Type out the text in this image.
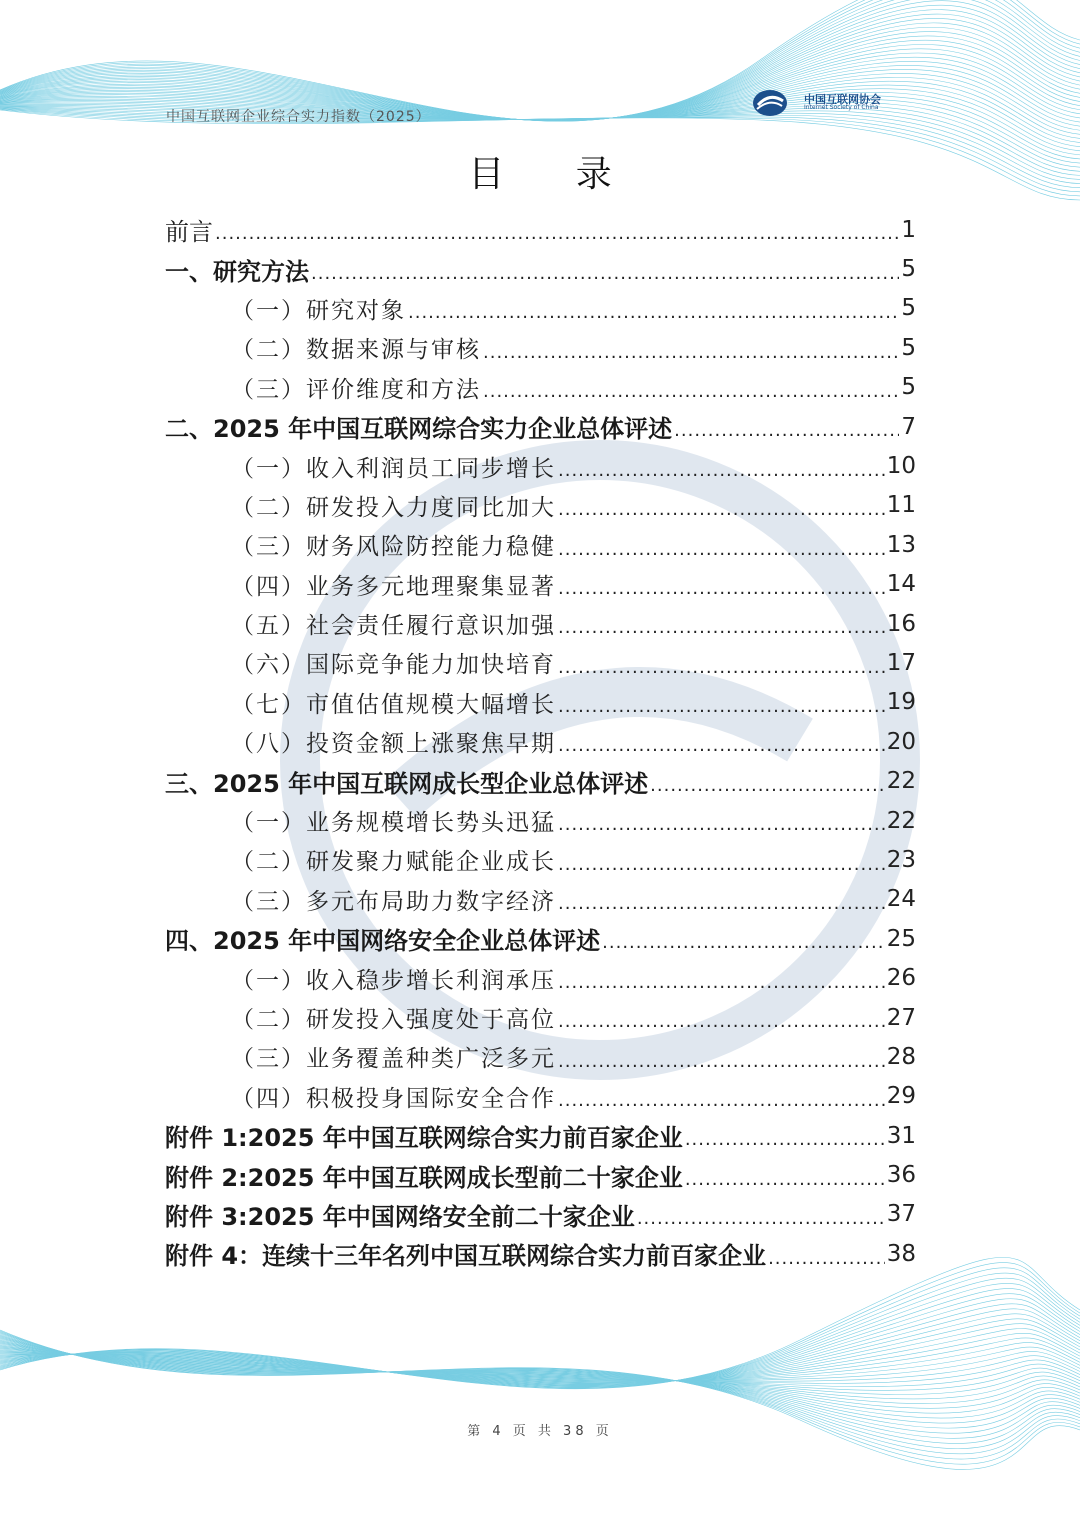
中国互联网企业综合实力指数（2025）
中国互联网协会
Internet Society of China
目 录
前言 .....	1
一、研究方法 .....	5
（一）研究对象 .....	5
（二）数据来源与审核 .....	5
（三）评价维度和方法 .....	5
二、2025 年中国互联网综合实力企业总体评述 .....	7
（一）收入利润员工同步增长 .....	10
（二）研发投入力度同比加大 .....	11
（三）财务风险防控能力稳健 .....	13
（四）业务多元地理聚集显著 .....	14
（五）社会责任履行意识加强 .....	16
（六）国际竞争能力加快培育 .....	17
（七）市值估值规模大幅增长 .....	19
（八）投资金额上涨聚焦早期 .....	20
三、2025 年中国互联网成长型企业总体评述 .....	22
（一）业务规模增长势头迅猛 .....	22
（二）研发聚力赋能企业成长 .....	23
（三）多元布局助力数字经济 .....	24
四、2025 年中国网络安全企业总体评述 .....	25
（一）收入稳步增长利润承压 .....	26
（二）研发投入强度处于高位 .....	27
（三）业务覆盖种类广泛多元 .....	28
（四）积极投身国际安全合作 .....	29
附件 1:2025 年中国互联网综合实力前百家企业 .....	31
附件 2:2025 年中国互联网成长型前二十家企业 .....	36
附件 3:2025 年中国网络安全前二十家企业 .....	37
附件 4：连续十三年名列中国互联网综合实力前百家企业 .....	38
第 4 页 共 38 页
